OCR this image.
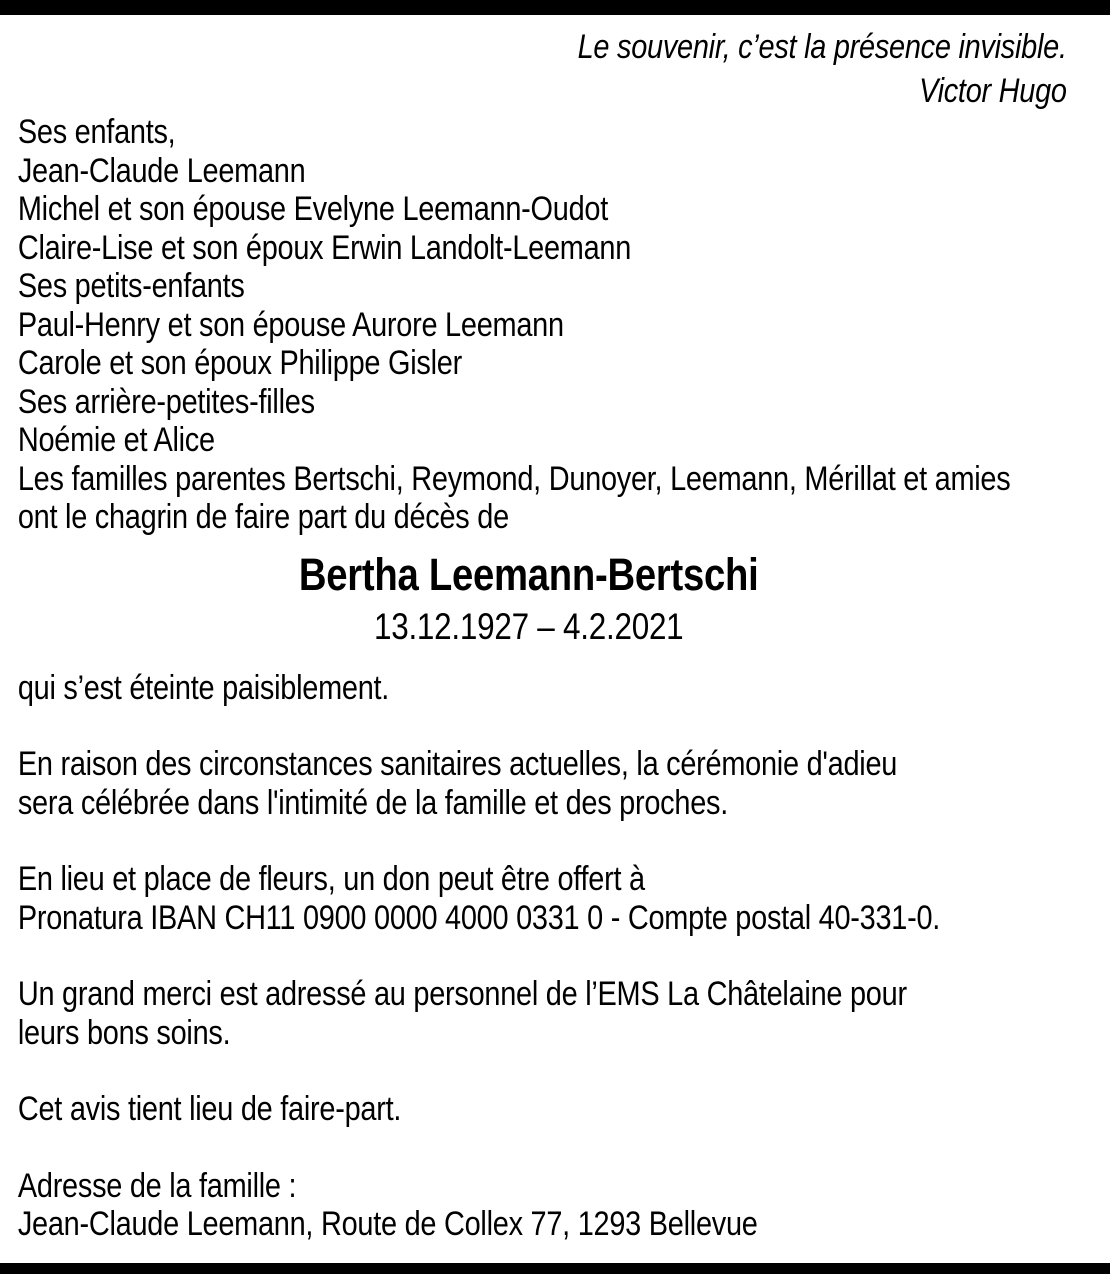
Le souvenir, c’est la présence invisible.
Victor Hugo
Ses enfants,
Jean-Claude Leemann
Michel et son épouse Evelyne Leemann-Oudot
Claire-Lise et son époux Erwin Landolt-Leemann
Ses petits-enfants
Paul-Henry et son épouse Aurore Leemann
Carole et son époux Philippe Gisler
Ses arrière-petites-filles
Noémie et Alice
Les familles parentes Bertschi, Reymond, Dunoyer, Leemann, Mérillat et amies
ont le chagrin de faire part du décès de
Bertha Leemann-Bertschi
13.12.1927 – 4.2.2021

qui s’est éteinte paisiblement.

En raison des circonstances sanitaires actuelles, la cérémonie d'adieu
sera célébrée dans l'intimité de la famille et des proches.

En lieu et place de fleurs, un don peut être offert à
Pronatura IBAN CH11 0900 0000 4000 0331 0 - Compte postal 40-331-0.

Un grand merci est adressé au personnel de l’EMS La Châtelaine pour
leurs bons soins.

Cet avis tient lieu de faire-part.

Adresse de la famille :
Jean-Claude Leemann, Route de Collex 77, 1293 Bellevue
